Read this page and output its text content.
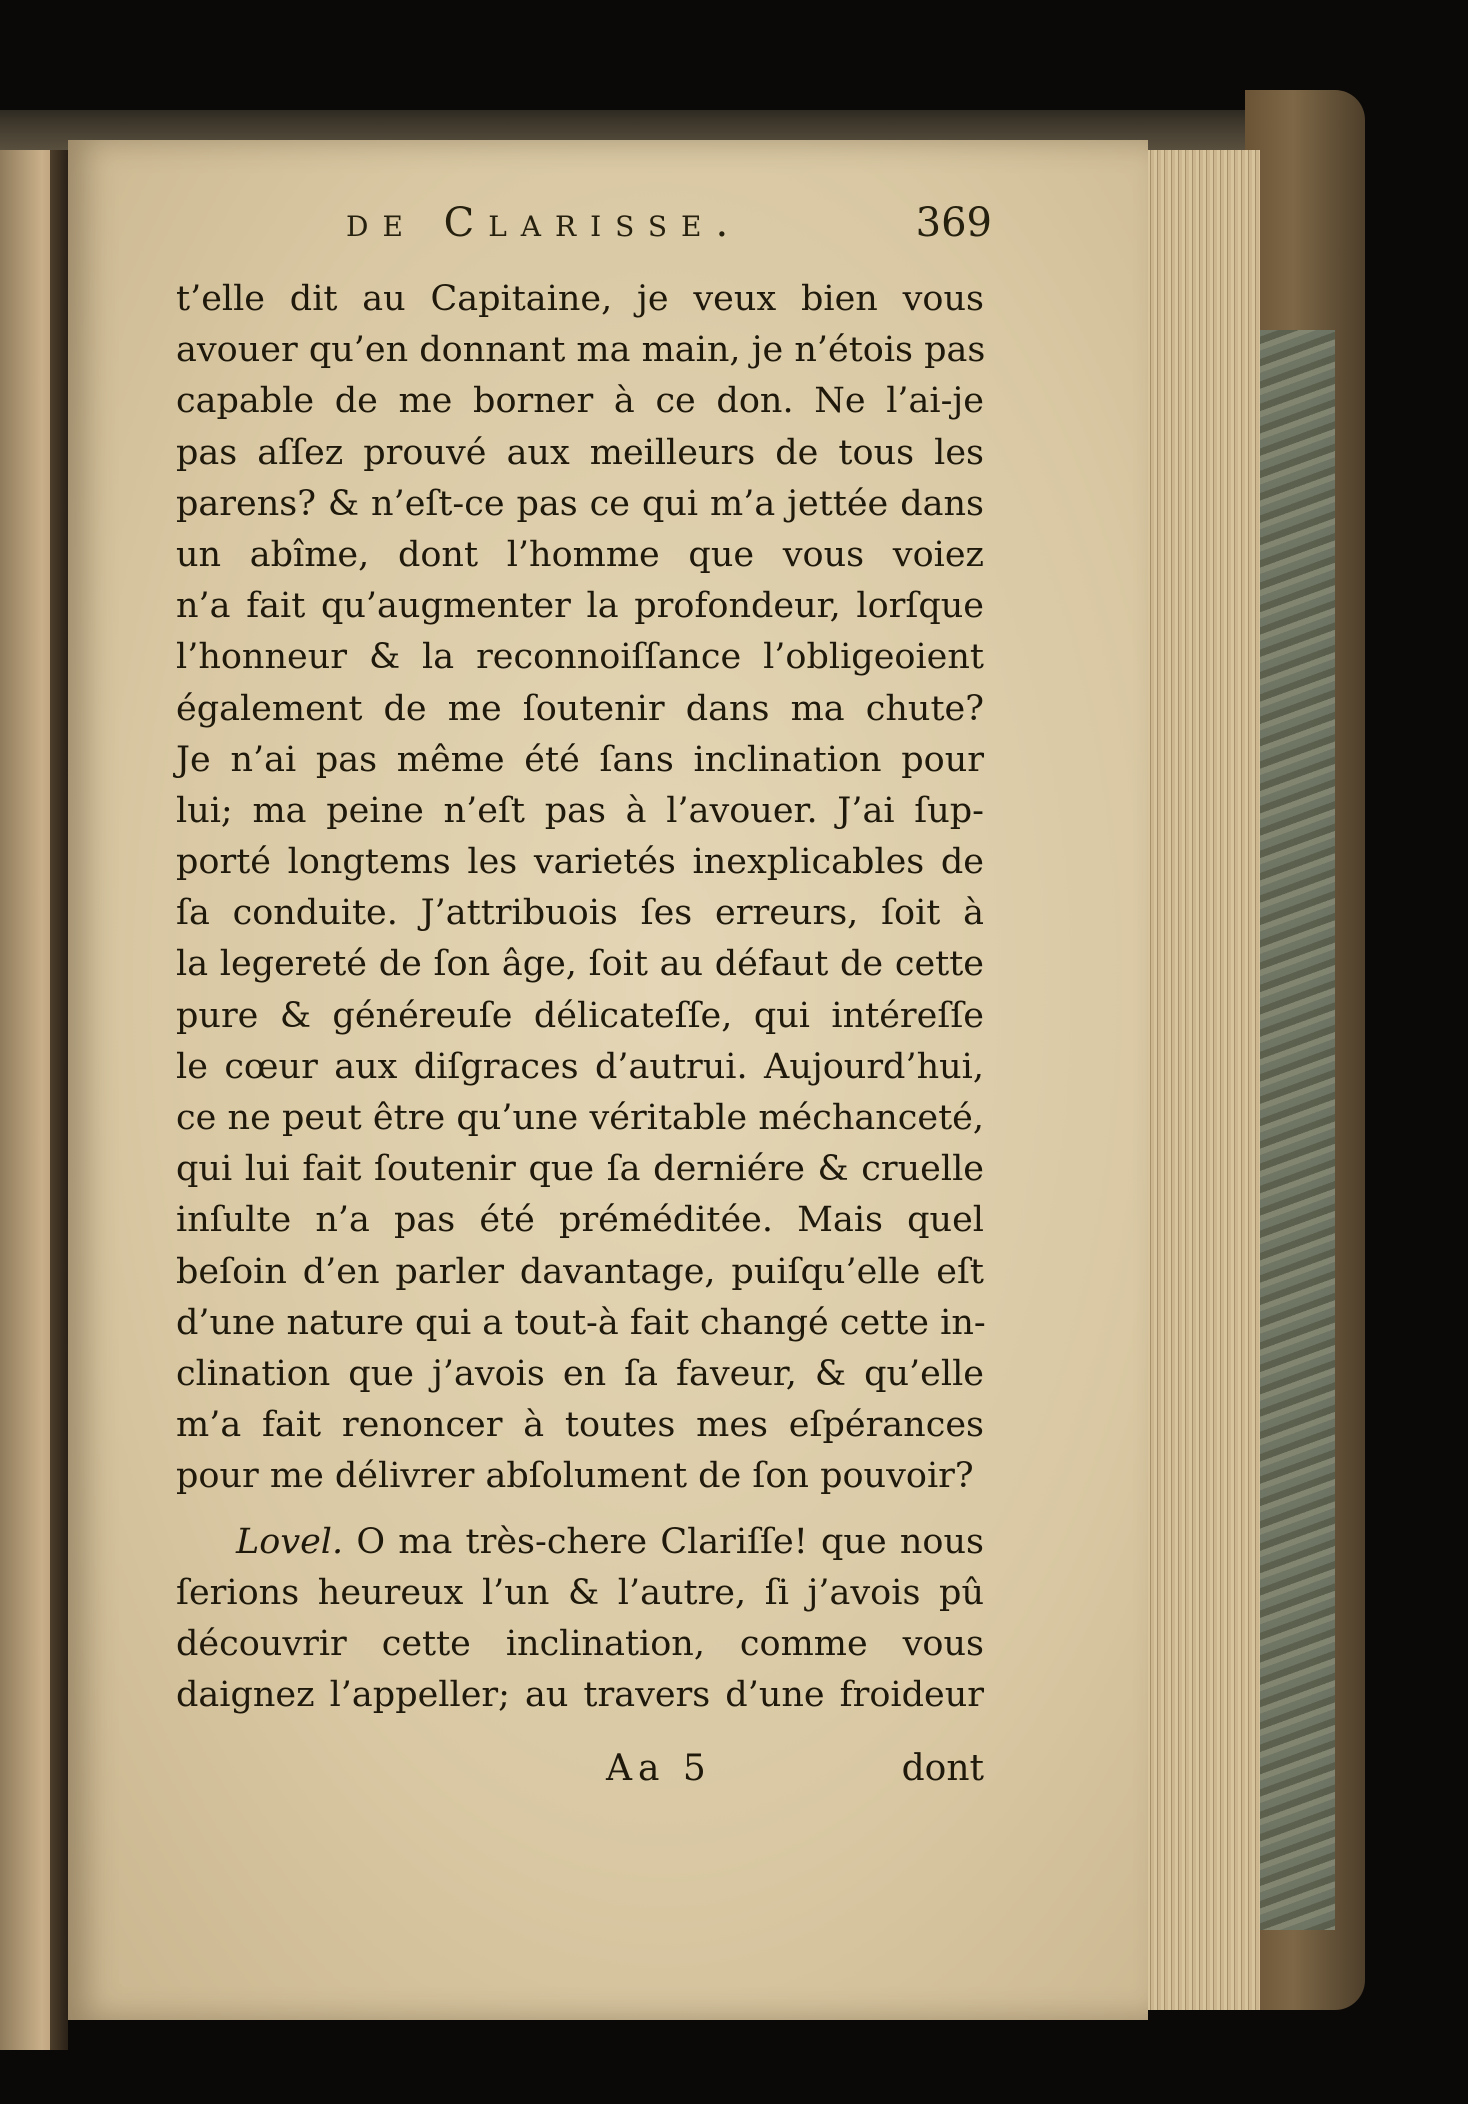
de Clarisse.	369
t’elle dit au Capitaine, je veux bien vous
avouer qu’en donnant ma main, je n’étois pas
capable de me borner à ce don. Ne l’ai-je
pas aſſez prouvé aux meilleurs de tous les
parens? & n’eſt-ce pas ce qui m’a jettée dans
un abîme, dont l’homme que vous voiez
n’a fait qu’augmenter la profondeur, lorſque
l’honneur & la reconnoiſſance l’obligeoient
également de me ſoutenir dans ma chute?
Je n’ai pas même été ſans inclination pour
lui; ma peine n’eſt pas à l’avouer. J’ai ſup-
porté longtems les varietés inexplicables de
ſa conduite. J’attribuois ſes erreurs, ſoit à
la legereté de ſon âge, ſoit au défaut de cette
pure & généreuſe délicateſſe, qui intéreſſe
le cœur aux diſgraces d’autrui. Aujourd’hui,
ce ne peut être qu’une véritable méchanceté,
qui lui fait ſoutenir que ſa derniére & cruelle
inſulte n’a pas été préméditée. Mais quel
beſoin d’en parler davantage, puiſqu’elle eſt
d’une nature qui a tout-à fait changé cette in-
clination que j’avois en ſa faveur, & qu’elle
m’a fait renoncer à toutes mes eſpérances
pour me délivrer abſolument de ſon pouvoir?
Lovel. O ma très-chere Clariſſe! que nous
ſerions heureux l’un & l’autre, ſi j’avois pû
découvrir cette inclination, comme vous
daignez l’appeller; au travers d’une froideur
Aa 5	dont
